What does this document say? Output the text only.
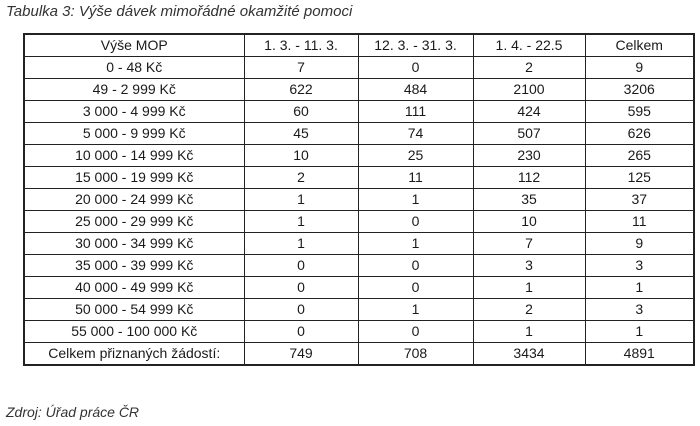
Tabulka 3: Výše dávek mimořádné okamžité pomoci
Výše MOP	1. 3. - 11. 3.	12. 3. - 31. 3.	1. 4. - 22.5	Celkem
0 - 48 Kč	7	0	2	9
49 - 2 999 Kč	622	484	2100	3206
3 000 - 4 999 Kč	60	111	424	595
5 000 - 9 999 Kč	45	74	507	626
10 000 - 14 999 Kč	10	25	230	265
15 000 - 19 999 Kč	2	11	112	125
20 000 - 24 999 Kč	1	1	35	37
25 000 - 29 999 Kč	1	0	10	11
30 000 - 34 999 Kč	1	1	7	9
35 000 - 39 999 Kč	0	0	3	3
40 000 - 49 999 Kč	0	0	1	1
50 000 - 54 999 Kč	0	1	2	3
55 000 - 100 000 Kč	0	0	1	1
Celkem přiznaných žádostí:	749	708	3434	4891
Zdroj: Úřad práce ČR
